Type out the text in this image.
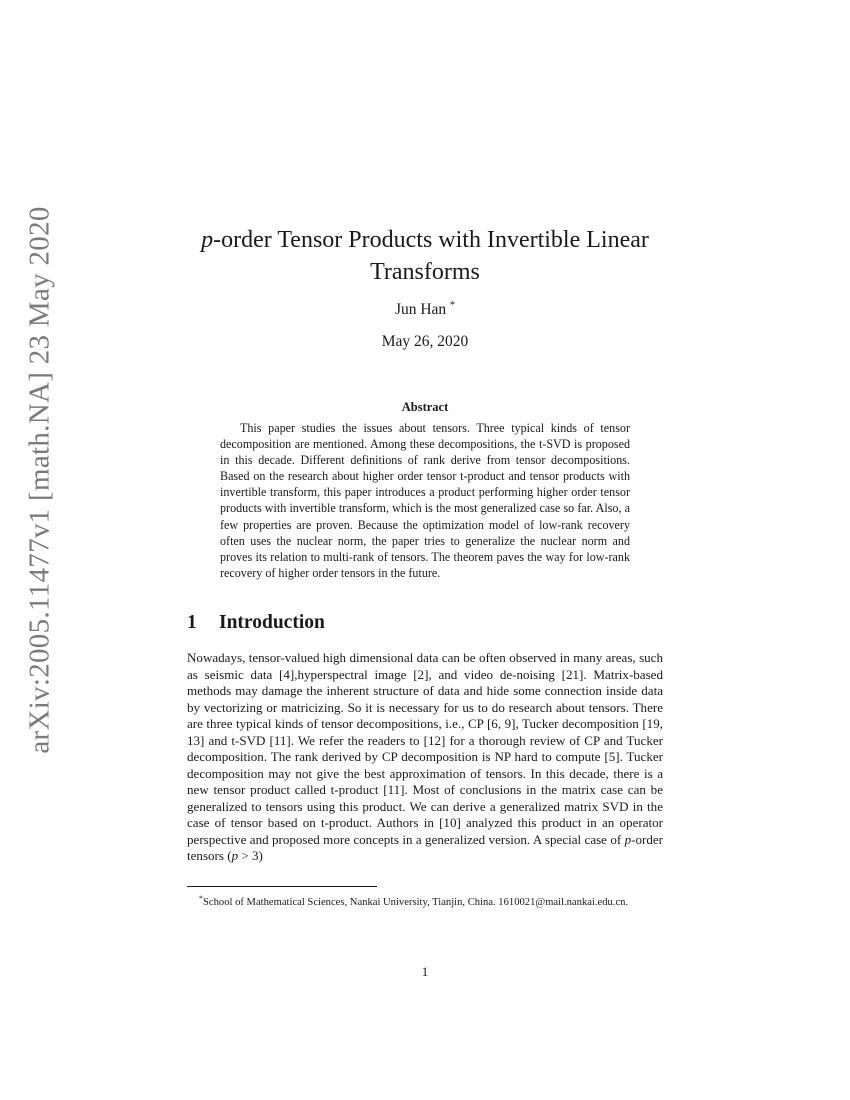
arXiv:2005.11477v1 [math.NA] 23 May 2020	p-order Tensor Products with Invertible Linear
Transforms
Jun Han *
May 26, 2020
Abstract

This paper studies the issues about tensors. Three typical kinds of tensor decomposition are mentioned. Among these decompositions, the t-SVD is proposed in this decade. Different definitions of rank derive from tensor decompositions. Based on the research about higher order tensor t-product and tensor products with invertible transform, this paper introduces a product performing higher order tensor products with invertible transform, which is the most generalized case so far. Also, a few properties are proven. Because the optimization model of low-rank recovery often uses the nuclear norm, the paper tries to generalize the nuclear norm and proves its relation to multi-rank of tensors. The theorem paves the way for low-rank recovery of higher order tensors in the future.

1 Introduction

Nowadays, tensor-valued high dimensional data can be often observed in many areas, such as seismic data [4],hyperspectral image [2], and video de-noising [21]. Matrix-based methods may damage the inherent structure of data and hide some connection inside data by vectorizing or matricizing. So it is necessary for us to do research about tensors. There are three typical kinds of tensor decompositions, i.e., CP [6, 9], Tucker decomposition [19, 13] and t-SVD [11]. We refer the readers to [12] for a thorough review of CP and Tucker decomposition. The rank derived by CP decomposition is NP hard to compute [5]. Tucker decomposition may not give the best approximation of tensors. In this decade, there is a new tensor product called t-product [11]. Most of conclusions in the matrix case can be generalized to tensors using this product. We can derive a generalized matrix SVD in the case of tensor based on t-product. Authors in [10] analyzed this product in an operator perspective and proposed more concepts in a generalized version. A special case of p-order tensors (p > 3)

*School of Mathematical Sciences, Nankai University, Tianjin, China. 1610021@mail.nankai.edu.cn.

1
